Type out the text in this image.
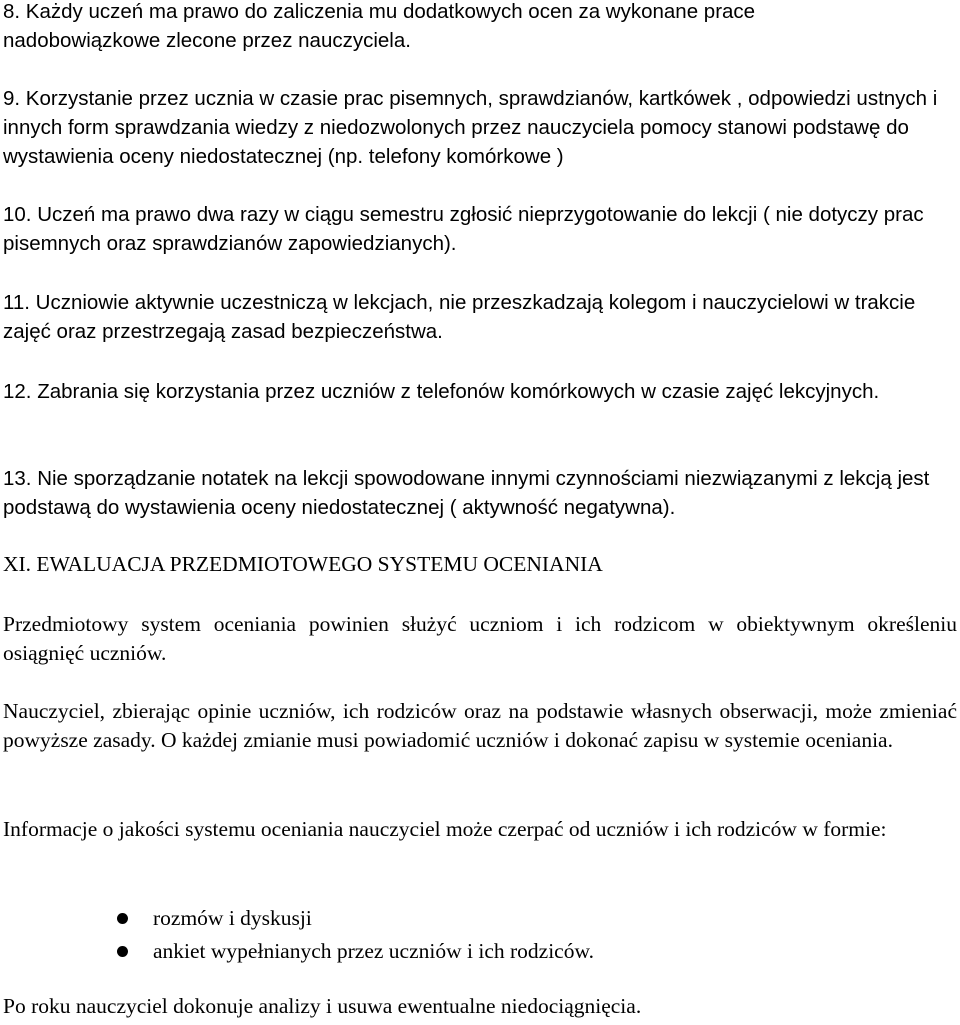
8. Każdy uczeń ma prawo do zaliczenia mu dodatkowych ocen za wykonane prace nadobowiązkowe zlecone przez nauczyciela.

9. Korzystanie przez ucznia w czasie prac pisemnych, sprawdzianów, kartkówek , odpowiedzi ustnych i innych form sprawdzania wiedzy z niedozwolonych przez nauczyciela pomocy stanowi podstawę do wystawienia oceny niedostatecznej (np. telefony komórkowe )

10. Uczeń ma prawo dwa razy w ciągu semestru zgłosić nieprzygotowanie do lekcji ( nie dotyczy prac pisemnych oraz sprawdzianów zapowiedzianych).

11. Uczniowie aktywnie uczestniczą w lekcjach, nie przeszkadzają kolegom i nauczycielowi w trakcie zajęć oraz przestrzegają zasad bezpieczeństwa.

12. Zabrania się korzystania przez uczniów z telefonów komórkowych w czasie zajęć lekcyjnych.

13. Nie sporządzanie notatek na lekcji spowodowane innymi czynnościami niezwiązanymi z lekcją jest podstawą do wystawienia oceny niedostatecznej ( aktywność negatywna).

XI. EWALUACJA PRZEDMIOTOWEGO SYSTEMU OCENIANIA

Przedmiotowy system oceniania powinien służyć uczniom i ich rodzicom w obiektywnym określeniu osiągnięć uczniów.

Nauczyciel, zbierając opinie uczniów, ich rodziców oraz na podstawie własnych obserwacji, może zmieniać powyższe zasady. O każdej zmianie musi powiadomić uczniów i dokonać zapisu w systemie oceniania.

Informacje o jakości systemu oceniania nauczyciel może czerpać od uczniów i ich rodziców w formie:

rozmów i dyskusji
ankiet wypełnianych przez uczniów i ich rodziców.

Po roku nauczyciel dokonuje analizy i usuwa ewentualne niedociągnięcia.
